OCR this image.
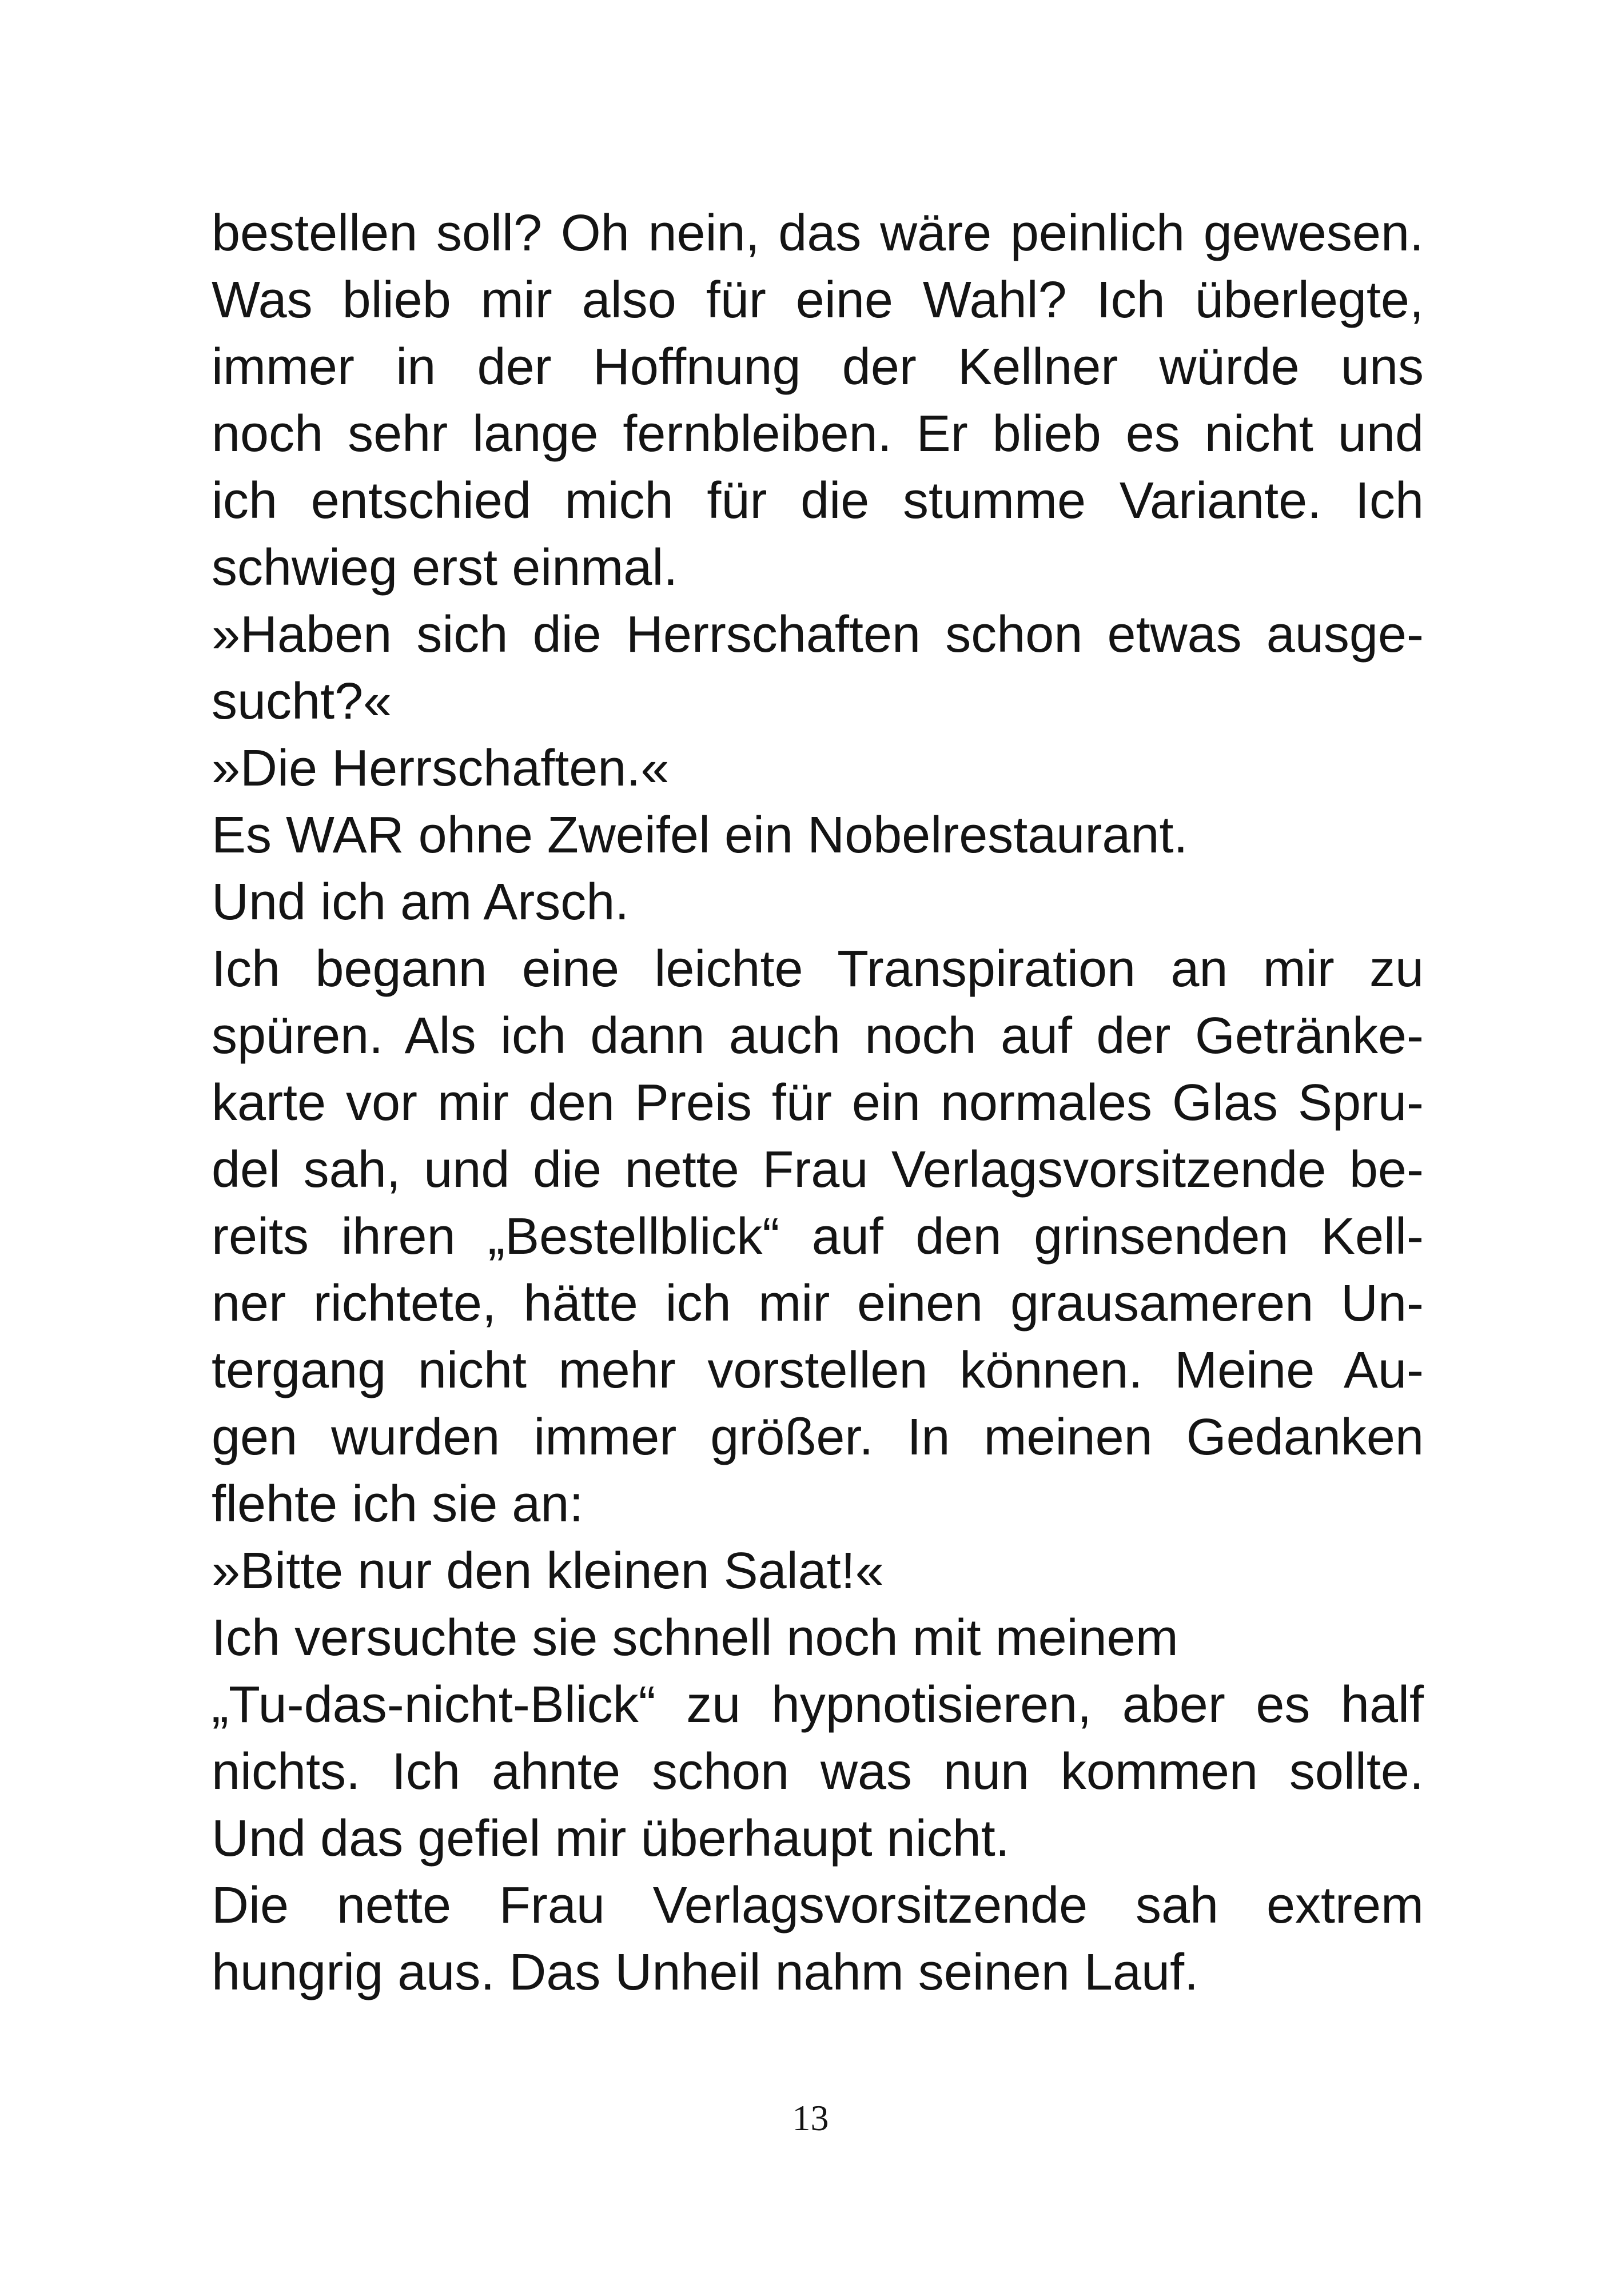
bestellen soll? Oh nein, das wäre peinlich gewesen.
Was blieb mir also für eine Wahl? Ich überlegte,
immer in der Hoffnung der Kellner würde uns
noch sehr lange fernbleiben. Er blieb es nicht und
ich entschied mich für die stumme Variante. Ich
schwieg erst einmal.
»Haben sich die Herrschaften schon etwas ausge-
sucht?«
»Die Herrschaften.«
Es WAR ohne Zweifel ein Nobelrestaurant.
Und ich am Arsch.
Ich begann eine leichte Transpiration an mir zu
spüren. Als ich dann auch noch auf der Getränke-
karte vor mir den Preis für ein normales Glas Spru-
del sah, und die nette Frau Verlagsvorsitzende be-
reits ihren „Bestellblick“ auf den grinsenden Kell-
ner richtete, hätte ich mir einen grausameren Un-
tergang nicht mehr vorstellen können. Meine Au-
gen wurden immer größer. In meinen Gedanken
flehte ich sie an:
»Bitte nur den kleinen Salat!«
Ich versuchte sie schnell noch mit meinem
„Tu-das-nicht-Blick“ zu hypnotisieren, aber es half
nichts. Ich ahnte schon was nun kommen sollte.
Und das gefiel mir überhaupt nicht.
Die nette Frau Verlagsvorsitzende sah extrem
hungrig aus. Das Unheil nahm seinen Lauf.
13
